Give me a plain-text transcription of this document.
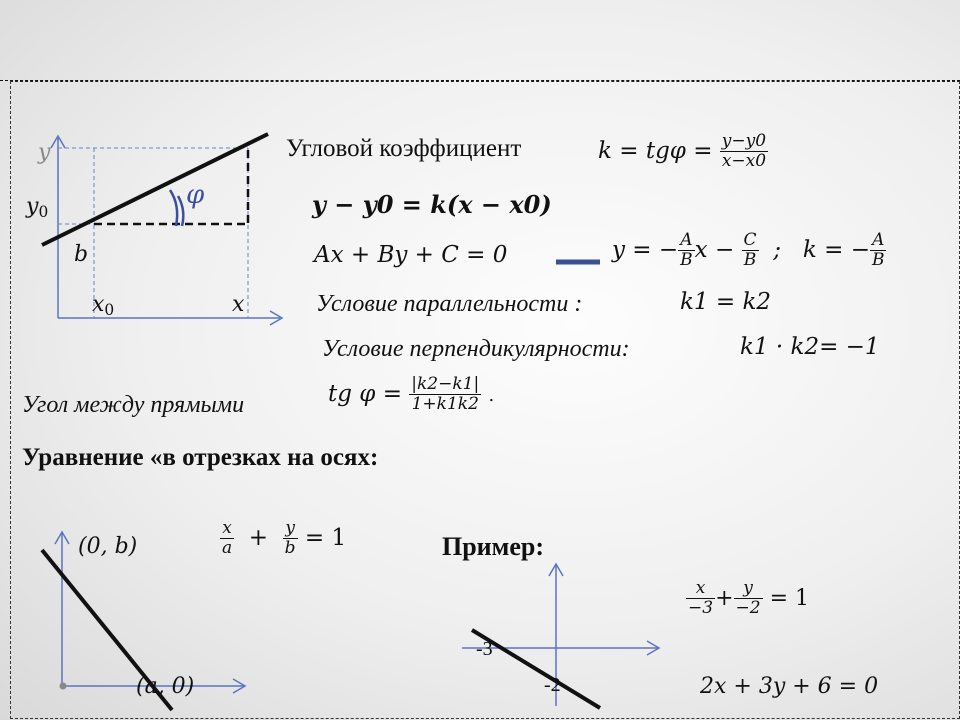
y
$y_0$
b
$x_0$	x
φ
Угловой коэффициент	$k = tg\varphi = \frac{y-y0}{x-x0}$
y − y0 = k(x − x0)
Ax + By + C = 0	y = − $\frac{A}{B}$ $x - \frac{C}{B}$ ; k = − $\frac{A}{B}$
Условие параллельности :	k1 = k2
Условие перпендикулярности:	k1 · k2= −1
Угол между прямыми	tg $\varphi = \frac{|k2-k1|}{1+k1k2}$ .
Уравнение «в отрезках на осях:
(0, b)
(a, 0)
$\frac{x}{a} + \frac{y}{b} = 1$	Пример:
$\frac{x}{-3} + \frac{y}{-2} = 1$
-3
-2	2x + 3y + 6 = 0
